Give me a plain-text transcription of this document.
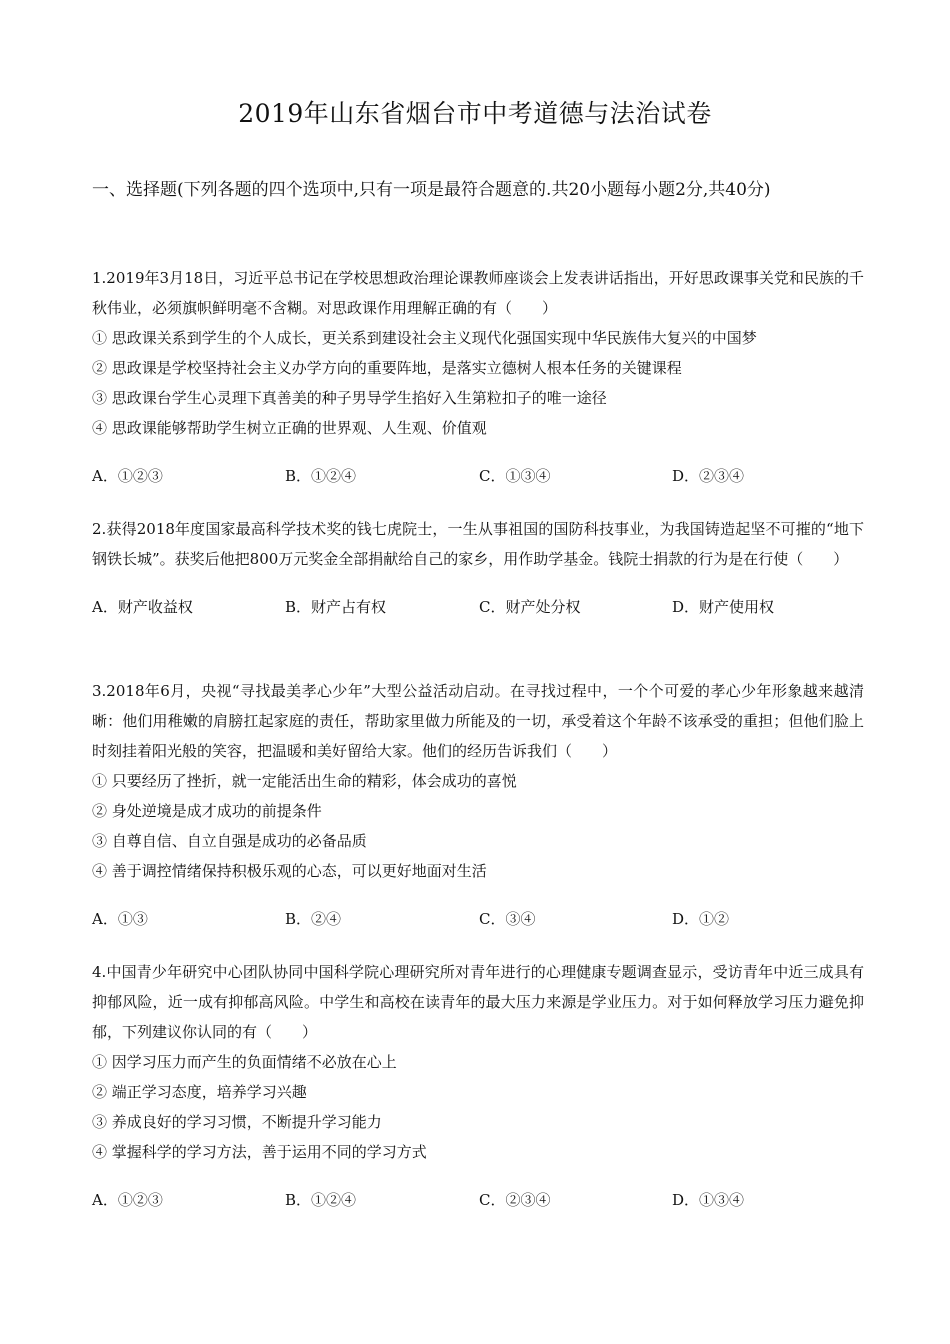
2019年山东省烟台市中考道德与法治试卷
一、选择题(下列各题的四个选项中,只有一项是最符合题意的.共20小题每小题2分,共40分)
1.2019年3月18日，习近平总书记在学校思想政治理论课教师座谈会上发表讲话指出，开好思政课事关党和民族的千秋伟业，必须旗帜鲜明毫不含糊。对思政课作用理解正确的有（　　）
① 思政课关系到学生的个人成长，更关系到建设社会主义现代化强国实现中华民族伟大复兴的中国梦
② 思政课是学校坚持社会主义办学方向的重要阵地，是落实立德树人根本任务的关键课程
③ 思政课台学生心灵理下真善美的种子男导学生掐好入生第粒扣子的唯一途径
④ 思政课能够帮助学生树立正确的世界观、人生观、价值观
A．①②③	B．①②④	C．①③④	D．②③④
2.获得2018年度国家最高科学技术奖的钱七虎院士，一生从事祖国的国防科技事业，为我国铸造起坚不可摧的“地下钢铁长城”。获奖后他把800万元奖金全部捐献给自己的家乡，用作助学基金。钱院士捐款的行为是在行使（　　）
A．财产收益权	B．财产占有权	C．财产处分权	D．财产使用权
3.2018年6月，央视“寻找最美孝心少年”大型公益活动启动。在寻找过程中，一个个可爱的孝心少年形象越来越清晰：他们用稚嫩的肩膀扛起家庭的责任，帮助家里做力所能及的一切，承受着这个年龄不该承受的重担；但他们脸上时刻挂着阳光般的笑容，把温暖和美好留给大家。他们的经历告诉我们（　　）
① 只要经历了挫折，就一定能活出生命的精彩，体会成功的喜悦
② 身处逆境是成才成功的前提条件
③ 自尊自信、自立自强是成功的必备品质
④ 善于调控情绪保持积极乐观的心态，可以更好地面对生活
A．①③	B．②④	C．③④	D．①②
4.中国青少年研究中心团队协同中国科学院心理研究所对青年进行的心理健康专题调查显示，受访青年中近三成具有抑郁风险，近一成有抑郁高风险。中学生和高校在读青年的最大压力来源是学业压力。对于如何释放学习压力避免抑郁，下列建议你认同的有（　　）
① 因学习压力而产生的负面情绪不必放在心上
② 端正学习态度，培养学习兴趣
③ 养成良好的学习习惯，不断提升学习能力
④ 掌握科学的学习方法，善于运用不同的学习方式
A．①②③	B．①②④	C．②③④	D．①③④
